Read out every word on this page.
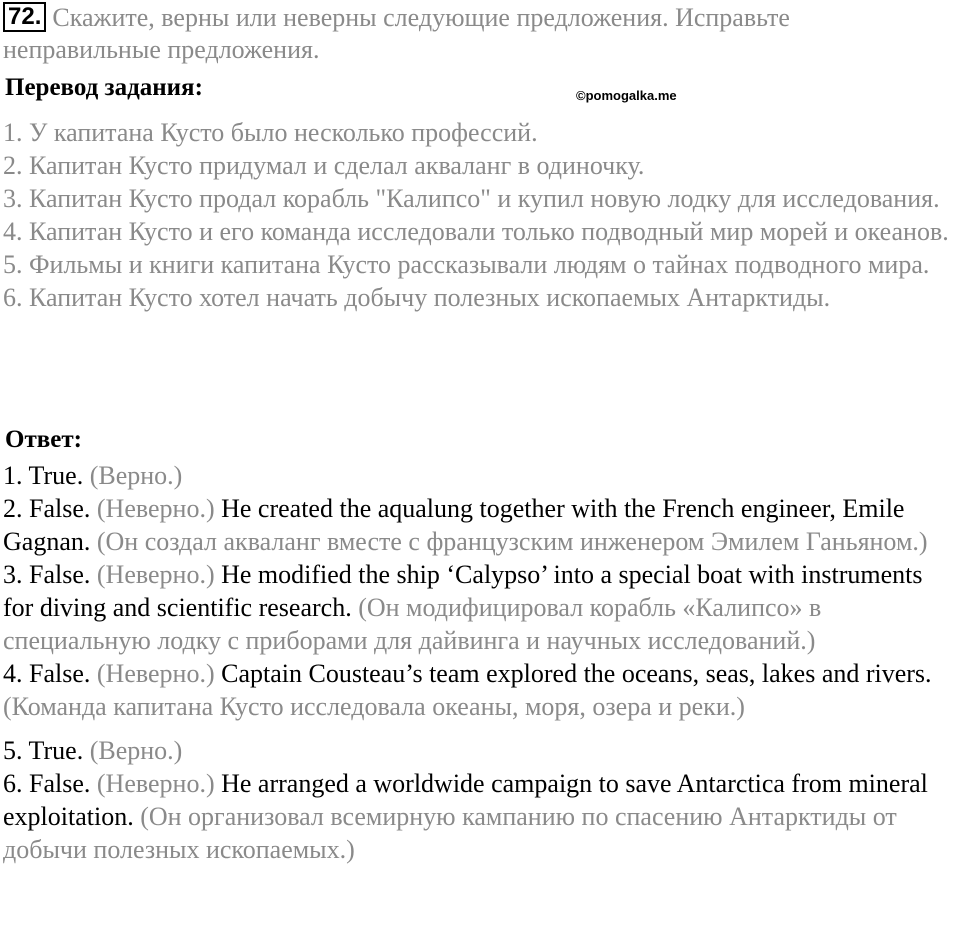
72. Скажите, верны или неверны следующие предложения. Исправьте неправильные предложения.

Перевод задания:	©pomogalka.me
1. У капитана Кусто было несколько профессий.
2. Капитан Кусто придумал и сделал акваланг в одиночку.
3. Капитан Кусто продал корабль "Калипсо" и купил новую лодку для исследования.
4. Капитан Кусто и его команда исследовали только подводный мир морей и океанов.
5. Фильмы и книги капитана Кусто рассказывали людям о тайнах подводного мира.
6. Капитан Кусто хотел начать добычу полезных ископаемых Антарктиды.

Ответ:

1. True. (Верно.)
2. False. (Неверно.) He created the aqualung together with the French engineer, Emile Gagnan. (Он создал акваланг вместе с французским инженером Эмилем Ганьяном.)
3. False. (Неверно.) He modified the ship ‘Calypso’ into a special boat with instruments for diving and scientific research. (Он модифицировал корабль «Калипсо» в специальную лодку с приборами для дайвинга и научных исследований.)
4. False. (Неверно.) Captain Cousteau’s team explored the oceans, seas, lakes and rivers. (Команда капитана Кусто исследовала океаны, моря, озера и реки.)
5. True. (Верно.)
6. False. (Неверно.) He arranged a worldwide campaign to save Antarctica from mineral exploitation. (Он организовал всемирную кампанию по спасению Антарктиды от добычи полезных ископаемых.)
